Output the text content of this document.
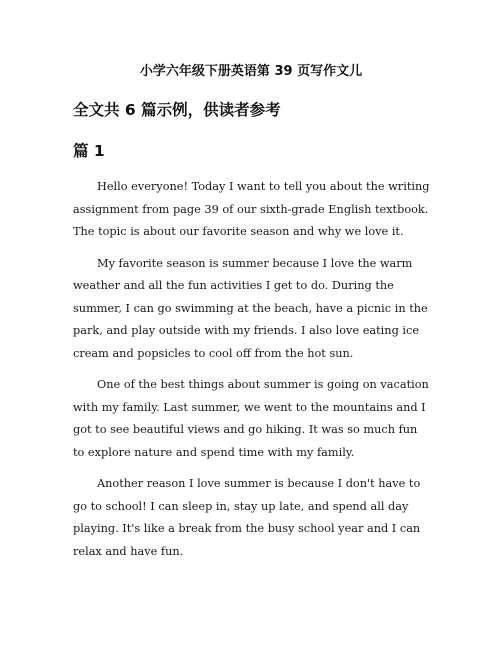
小学六年级下册英语第 39 页写作文儿
全文共 6 篇示例，供读者参考
篇 1

Hello everyone! Today I want to tell you about the writing assignment from page 39 of our sixth-grade English textbook. The topic is about our favorite season and why we love it.

My favorite season is summer because I love the warm weather and all the fun activities I get to do. During the summer, I can go swimming at the beach, have a picnic in the park, and play outside with my friends. I also love eating ice cream and popsicles to cool off from the hot sun.

One of the best things about summer is going on vacation with my family. Last summer, we went to the mountains and I got to see beautiful views and go hiking. It was so much fun to explore nature and spend time with my family.

Another reason I love summer is because I don't have to go to school! I can sleep in, stay up late, and spend all day playing. It's like a break from the busy school year and I can relax and have fun.
